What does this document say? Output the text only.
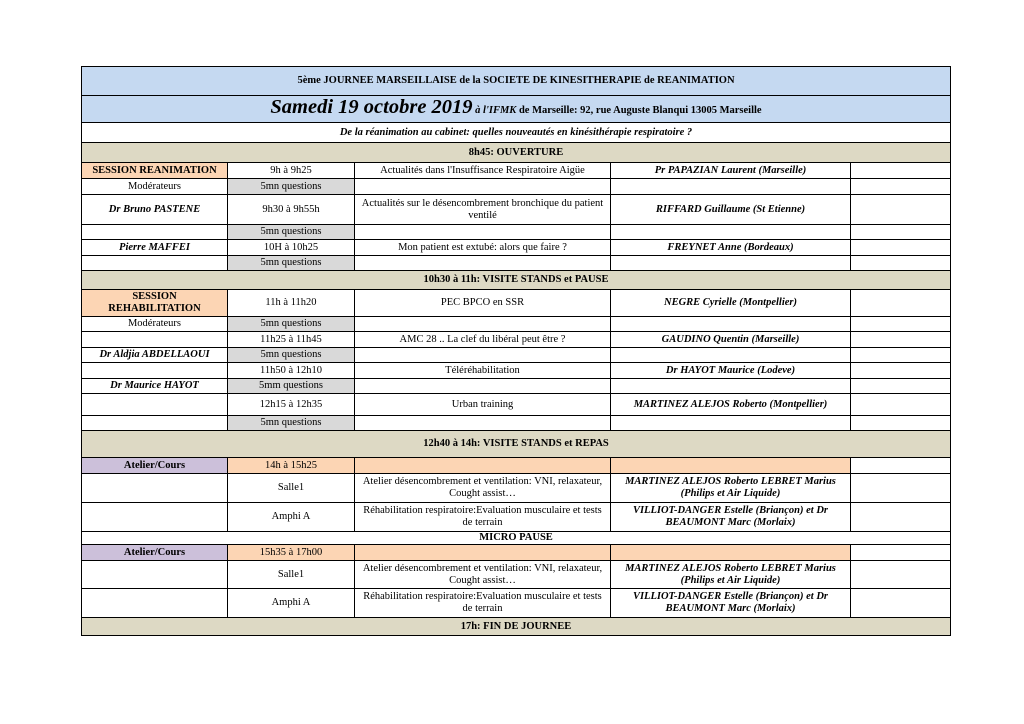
5ème JOURNEE MARSEILLAISE de la SOCIETE DE KINESITHERAPIE de REANIMATION				
Samedi 19 octobre 2019 à l'IFMK de Marseille: 92, rue Auguste Blanqui 13005 Marseille				
De la réanimation au cabinet: quelles nouveautés en kinésithérapie respiratoire ?				
8h45: OUVERTURE				
SESSION REANIMATION	9h à 9h25	Actualités dans l'Insuffisance Respiratoire Aigüe	Pr PAPAZIAN Laurent (Marseille)	
Modérateurs	5mn questions			
Dr Bruno PASTENE	9h30 à 9h55h	Actualités sur le désencombrement bronchique du patient ventilé	RIFFARD Guillaume (St Etienne)	
	5mn questions			
Pierre MAFFEI	10H à 10h25	Mon patient est extubé: alors que faire ?	FREYNET Anne (Bordeaux)	
	5mn questions			
10h30 à 11h: VISITE STANDS et PAUSE				
SESSION REHABILITATION	11h à 11h20	PEC BPCO en SSR	NEGRE Cyrielle (Montpellier)	
Modérateurs	5mn questions			
	11h25 à 11h45	AMC 28 .. La clef du libéral peut être ?	GAUDINO Quentin (Marseille)	
Dr Aldjia ABDELLAOUI	5mn questions			
	11h50 à 12h10	Téléréhabilitation	Dr HAYOT Maurice (Lodeve)	
Dr Maurice HAYOT	5mm questions			
	12h15 à 12h35	Urban training	MARTINEZ ALEJOS Roberto (Montpellier)	
	5mn questions			
12h40 à 14h: VISITE STANDS et REPAS				
Atelier/Cours	14h à 15h25			
	Salle1	Atelier désencombrement et ventilation: VNI, relaxateur, Cought assist…	MARTINEZ ALEJOS Roberto LEBRET Marius
(Philips et Air Liquide)	

	Amphi A	Réhabilitation respiratoire:Evaluation musculaire et tests de terrain	VILLIOT-DANGER Estelle (Briançon) et Dr
BEAUMONT Marc (Morlaix)	

MICRO PAUSE				
Atelier/Cours	15h35 à 17h00			
	Salle1	Atelier désencombrement et ventilation: VNI, relaxateur, Cought assist…	MARTINEZ ALEJOS Roberto LEBRET Marius
(Philips et Air Liquide)	

	Amphi A	Réhabilitation respiratoire:Evaluation musculaire et tests de terrain	VILLIOT-DANGER Estelle (Briançon) et Dr
BEAUMONT Marc (Morlaix)	

17h: FIN DE JOURNEE				
